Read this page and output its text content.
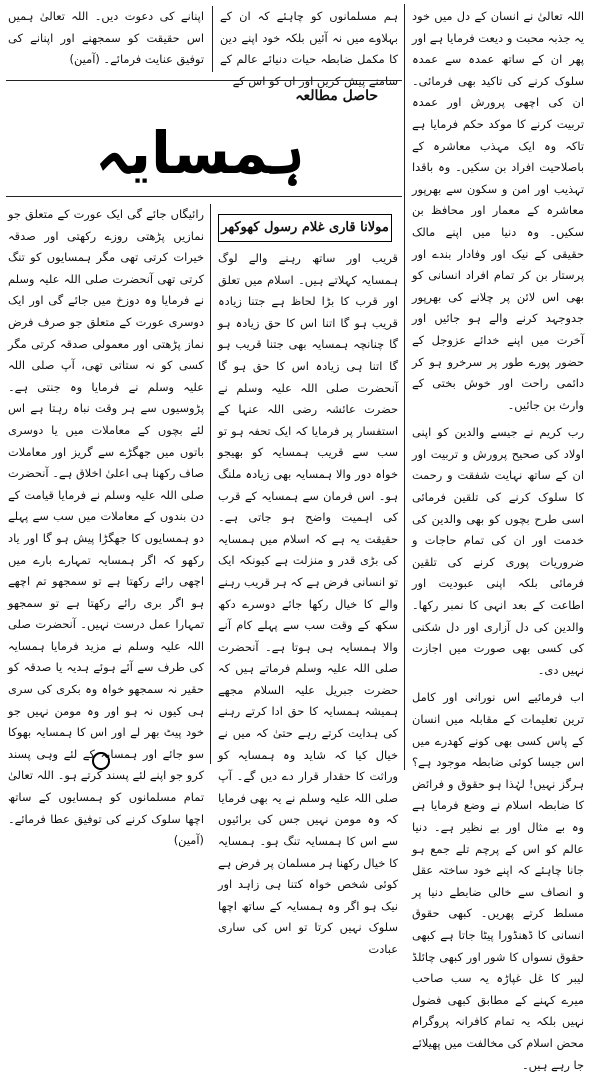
اپنانے کی دعوت دیں۔ اللہ تعالیٰ ہمیں اس حقیقت کو سمجھنے اور اپنانے کی توفیق عنایت فرمائے۔ (آمین)
ہم مسلمانوں کو چاہئے کہ ان کے بہلاوے میں نہ آئیں بلکہ خود اپنے دین کا مکمل ضابطہ حیات دنیائے عالم کے سامنے پیش کریں اور ان کو اس کے
حاصل مطالعہ
ہمسایہ
مولانا قاری غلام رسول کھوکھر
رائیگاں جائے گی ایک عورت کے متعلق جو نمازیں پڑھتی روزے رکھتی اور صدقہ خیرات کرتی تھی مگر ہمسایوں کو تنگ کرتی تھی آنحضرت صلی اللہ علیہ وسلم نے فرمایا وہ دوزخ میں جائے گی اور ایک دوسری عورت کے متعلق جو صرف فرض نماز پڑھتی اور معمولی صدقہ کرتی مگر کسی کو نہ ستاتی تھی، آپ صلی اللہ علیہ وسلم نے فرمایا وہ جنتی ہے۔ پڑوسیوں سے ہر وقت نباہ رہتا ہے اس لئے بچوں کے معاملات میں یا دوسری باتوں میں جھگڑے سے گریز اور معاملات صاف رکھنا ہی اعلیٰ اخلاق ہے۔ آنحضرت صلی اللہ علیہ وسلم نے فرمایا قیامت کے دن بندوں کے معاملات میں سب سے پہلے دو ہمسایوں کا جھگڑا پیش ہو گا اور یاد رکھو کہ اگر ہمسایہ تمہارے بارے میں اچھی رائے رکھتا ہے تو سمجھو تم اچھے ہو اگر بری رائے رکھتا ہے تو سمجھو تمہارا عمل درست نہیں۔ آنحضرت صلی اللہ علیہ وسلم نے مزید فرمایا ہمسایہ کی طرف سے آئے ہوئے ہدیہ یا صدقہ کو حقیر نہ سمجھو خواہ وہ بکری کی سری ہی کیوں نہ ہو اور وہ مومن نہیں جو خود پیٹ بھر لے اور اس کا ہمسایہ بھوکا سو جائے اور ہمسایہ کے لئے وہی پسند کرو جو اپنے لئے پسند کرتے ہو۔ اللہ تعالیٰ تمام مسلمانوں کو ہمسایوں کے ساتھ اچھا سلوک کرنے کی توفیق عطا فرمائے۔ (آمین)
قریب اور ساتھ رہنے والے لوگ ہمسایہ کہلاتے ہیں۔ اسلام میں تعلق اور قرب کا بڑا لحاظ ہے جتنا زیادہ قریب ہو گا اتنا اس کا حق زیادہ ہو گا چنانچہ ہمسایہ بھی جتنا قریب ہو گا اتنا ہی زیادہ اس کا حق ہو گا آنحضرت صلی اللہ علیہ وسلم نے حضرت عائشہ رضی اللہ عنہا کے استفسار پر فرمایا کہ ایک تحفہ ہو تو سب سے قریب ہمسایہ کو بھیجو خواہ دور والا ہمسایہ بھی زیادہ ملنگ ہو۔ اس فرمان سے ہمسایہ کے قرب کی اہمیت واضح ہو جاتی ہے۔ حقیقت یہ ہے کہ اسلام میں ہمسایہ کی بڑی قدر و منزلت ہے کیونکہ ایک تو انسانی فرض ہے کہ ہر قریب رہنے والے کا خیال رکھا جائے دوسرے دکھ سکھ کے وقت سب سے پہلے کام آنے والا ہمسایہ ہی ہوتا ہے۔ آنحضرت صلی اللہ علیہ وسلم فرماتے ہیں کہ حضرت جبریل علیہ السلام مجھے ہمیشہ ہمسایہ کا حق ادا کرتے رہنے کی ہدایت کرتے رہے حتیٰ کہ میں نے خیال کیا کہ شاید وہ ہمسایہ کو وراثت کا حقدار قرار دے دیں گے۔ آپ صلی اللہ علیہ وسلم نے یہ بھی فرمایا کہ وہ مومن نہیں جس کی برائیوں سے اس کا ہمسایہ تنگ ہو۔ ہمسایہ کا خیال رکھنا ہر مسلمان پر فرض ہے کوئی شخص خواہ کتنا ہی زاہد اور نیک ہو اگر وہ ہمسایہ کے ساتھ اچھا سلوک نہیں کرتا تو اس کی ساری عبادت

اللہ تعالیٰ نے انسان کے دل میں خود یہ جذبہ محبت و دیعت فرمایا ہے اور پھر ان کے ساتھ عمدہ سے عمدہ سلوک کرنے کی تاکید بھی فرمائی۔ ان کی اچھی پرورش اور عمدہ تربیت کرنے کا موکد حکم فرمایا ہے تاکہ وہ ایک مہذب معاشرہ کے باصلاحیت افراد بن سکیں۔ وہ باقدا تہذیب اور امن و سکون سے بھرپور معاشرہ کے معمار اور محافظ بن سکیں۔ وہ دنیا میں اپنے مالک حقیقی کے نیک اور وفادار بندے اور پرستار بن کر تمام افراد انسانی کو بھی اس لائن پر چلانے کی بھرپور جدوجہد کرنے والے ہو جائیں اور آخرت میں اپنے خدائے عزوجل کے حضور پورے طور پر سرخرو ہو کر دائمی راحت اور خوش بختی کے وارث بن جائیں۔

رب کریم نے جیسے والدین کو اپنی اولاد کی صحیح پرورش و تربیت اور ان کے ساتھ نہایت شفقت و رحمت کا سلوک کرنے کی تلقین فرمائی اسی طرح بچوں کو بھی والدین کی خدمت اور ان کی تمام حاجات و ضروریات پوری کرنے کی تلقین فرمائی بلکہ اپنی عبودیت اور اطاعت کے بعد انہی کا نمبر رکھا۔ والدین کی دل آزاری اور دل شکنی کی کسی بھی صورت میں اجازت نہیں دی۔

اب فرمائیے اس نورانی اور کامل ترین تعلیمات کے مقابلہ میں انسان کے پاس کسی بھی کونے کھدرے میں اس جیسا کوئی ضابطہ موجود ہے؟ ہرگز نہیں! لہٰذا ہو حقوق و فرائض کا ضابطہ اسلام نے وضع فرمایا ہے وہ بے مثال اور بے نظیر ہے۔ دنیا عالم کو اس کے پرچم تلے جمع ہو جانا چاہئے کہ اپنے خود ساختہ عقل و انصاف سے خالی ضابطے دنیا پر مسلط کرتے پھریں۔ کبھی حقوق انسانی کا ڈھنڈورا پیٹا جاتا ہے کبھی حقوق نسواں کا شور اور کبھی چائلڈ لیبر کا غل غپاڑہ یہ سب صاحب میرے کہنے کے مطابق کبھی فضول نہیں بلکہ یہ تمام کافرانہ پروگرام محض اسلام کی مخالفت میں پھیلائے جا رہے ہیں۔
